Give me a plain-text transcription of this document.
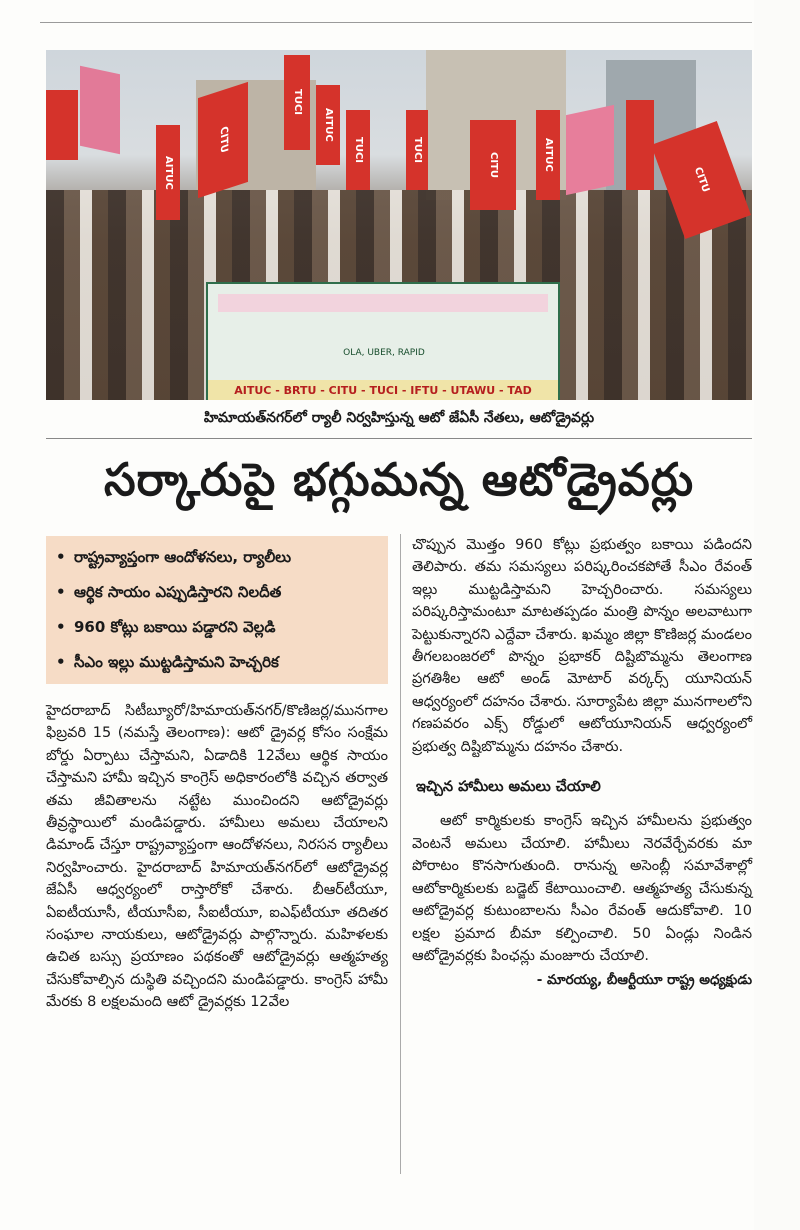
AITUC
TUCI
AITUC
CITU	TUCI	TUCI
CITU	AITUC
CITU
OLA, UBER, RAPID
AITUC - BRTU - CITU - TUCI - IFTU - UTAWU - TAD
హిమాయత్‌నగర్‌లో ర్యాలీ నిర్వహిస్తున్న ఆటో జేఏసీ నేతలు, ఆటోడ్రైవర్లు
సర్కారుపై భగ్గుమన్న ఆటోడ్రైవర్లు
• రాష్ట్రవ్యాప్తంగా ఆందోళనలు, ర్యాలీలు
• ఆర్థిక సాయం ఎప్పుడిస్తారని నిలదీత
• 960 కోట్లు బకాయి పడ్డారని వెల్లడి
• సీఎం ఇల్లు ముట్టడిస్తామని హెచ్చరిక

హైదరాబాద్ సిటీబ్యూరో/హిమాయత్‌నగర్/కొణిజర్ల/మునగాల ఫిబ్రవరి 15 (నమస్తే తెలంగాణ): ఆటో డ్రైవర్ల కోసం సంక్షేమ బోర్డు ఏర్పాటు చేస్తామని, ఏడాదికి 12వేలు ఆర్థిక సాయం చేస్తామని హామీ ఇచ్చిన కాంగ్రెస్ అధికారంలోకి వచ్చిన తర్వాత తమ జీవితాలను నట్టేట ముంచిందని ఆటోడ్రైవర్లు తీవ్రస్థాయిలో మండిపడ్డారు. హామీలు అమలు చేయాలని డిమాండ్ చేస్తూ రాష్ట్రవ్యాప్తంగా ఆందోళనలు, నిరసన ర్యాలీలు నిర్వహించారు. హైదరాబాద్ హిమాయత్‌నగర్‌లో ఆటోడ్రైవర్ల జేఏసీ ఆధ్వర్యంలో రాస్తారోకో చేశారు. బీఆర్‌టీయూ, ఏఐటీయూసీ, టీయూసీఐ, సీఐటీయూ, ఐఎఫ్‌టీయూ తదితర సంఘాల నాయకులు, ఆటోడ్రైవర్లు పాల్గొన్నారు. మహిళలకు ఉచిత బస్సు ప్రయాణం పథకంతో ఆటోడ్రైవర్లు ఆత్మహత్య చేసుకోవాల్సిన దుస్థితి వచ్చిందని మండిపడ్డారు. కాంగ్రెస్ హామీ మేరకు 8 లక్షలమంది ఆటో డ్రైవర్లకు 12వేల

చొప్పున మొత్తం 960 కోట్లు ప్రభుత్వం బకాయి పడిందని తెలిపారు. తమ సమస్యలు పరిష్కరించకపోతే సీఎం రేవంత్ ఇల్లు ముట్టడిస్తామని హెచ్చరించారు. సమస్యలు పరిష్కరిస్తామంటూ మాటతప్పడం మంత్రి పొన్నం అలవాటుగా పెట్టుకున్నారని ఎద్దేవా చేశారు. ఖమ్మం జిల్లా కొణిజర్ల మండలం తీగలబంజరలో పొన్నం ప్రభాకర్ దిష్టిబొమ్మను తెలంగాణ ప్రగతిశీల ఆటో అండ్ మోటార్ వర్కర్స్ యూనియన్ ఆధ్వర్యంలో దహనం చేశారు. సూర్యాపేట జిల్లా మునగాలలోని గణపవరం ఎక్స్ రోడ్డులో ఆటోయూనియన్ ఆధ్వర్యంలో ప్రభుత్వ దిష్టిబొమ్మను దహనం చేశారు.

ఇచ్చిన హామీలు అమలు చేయాలి

ఆటో కార్మికులకు కాంగ్రెస్ ఇచ్చిన హామీలను ప్రభుత్వం వెంటనే అమలు చేయాలి. హామీలు నెరవేర్చేవరకు మా పోరాటం కొనసాగుతుంది. రానున్న అసెంబ్లీ సమావేశాల్లో ఆటోకార్మికులకు బడ్జెట్ కేటాయించాలి. ఆత్మహత్య చేసుకున్న ఆటోడ్రైవర్ల కుటుంబాలను సీఎం రేవంత్ ఆదుకోవాలి. 10 లక్షల ప్రమాద బీమా కల్పించాలి. 50 ఏండ్లు నిండిన ఆటోడ్రైవర్లకు పింఛన్లు మంజూరు చేయాలి.

- మారయ్య, బీఆర్టీయూ రాష్ట్ర అధ్యక్షుడు
